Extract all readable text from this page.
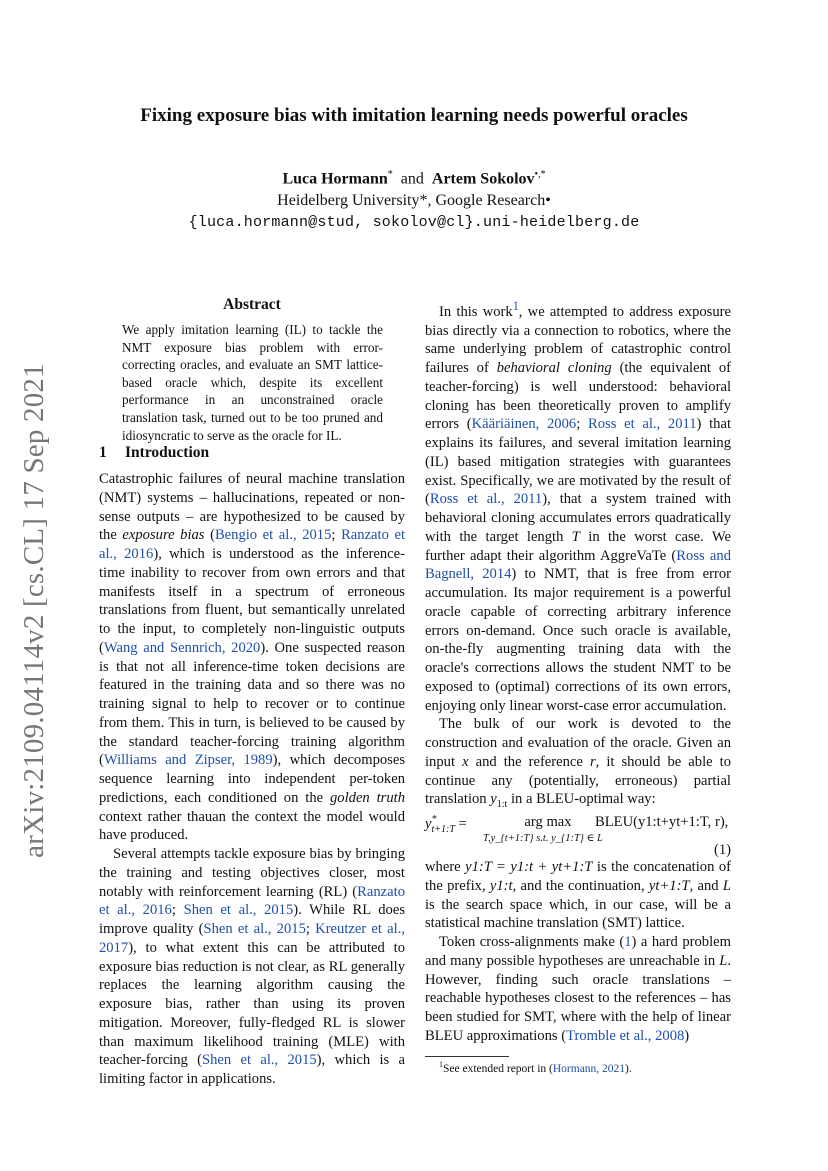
arXiv:2109.04114v2 [cs.CL] 17 Sep 2021
Fixing exposure bias with imitation learning needs powerful oracles
Luca Hormann* and Artem Sokolov•,*
Heidelberg University*, Google Research•
{luca.hormann@stud, sokolov@cl}.uni-heidelberg.de
Abstract
We apply imitation learning (IL) to tackle the NMT exposure bias problem with error-correcting oracles, and evaluate an SMT lattice-based oracle which, despite its excellent performance in an unconstrained oracle translation task, turned out to be too pruned and idiosyncratic to serve as the oracle for IL.
1 Introduction

Catastrophic failures of neural machine translation (NMT) systems – hallucinations, repeated or non-sense outputs – are hypothesized to be caused by the exposure bias (Bengio et al., 2015; Ranzato et al., 2016), which is understood as the inference-time inability to recover from own errors and that manifests itself in a spectrum of erroneous translations from fluent, but semantically unrelated to the input, to completely non-linguistic outputs (Wang and Sennrich, 2020). One suspected reason is that not all inference-time token decisions are featured in the training data and so there was no training signal to help to recover or to continue from them. This in turn, is believed to be caused by the standard teacher-forcing training algorithm (Williams and Zipser, 1989), which decomposes sequence learning into independent per-token predictions, each conditioned on the golden truth context rather thauan the context the model would have produced.

Several attempts tackle exposure bias by bringing the training and testing objectives closer, most notably with reinforcement learning (RL) (Ranzato et al., 2016; Shen et al., 2015). While RL does improve quality (Shen et al., 2015; Kreutzer et al., 2017), to what extent this can be attributed to exposure bias reduction is not clear, as RL generally replaces the learning algorithm causing the exposure bias, rather than using its proven mitigation. Moreover, fully-fledged RL is slower than maximum likelihood training (MLE) with teacher-forcing (Shen et al., 2015), which is a limiting factor in applications.

In this work$^1$, we attempted to address exposure bias directly via a connection to robotics, where the same underlying problem of catastrophic control failures of behavioral cloning (the equivalent of teacher-forcing) is well understood: behavioral cloning has been theoretically proven to amplify errors (Kääriäinen, 2006; Ross et al., 2011) that explains its failures, and several imitation learning (IL) based mitigation strategies with guarantees exist. Specifically, we are motivated by the result of (Ross et al., 2011), that a system trained with behavioral cloning accumulates errors quadratically with the target length T in the worst case. We further adapt their algorithm AggreVaTe (Ross and Bagnell, 2014) to NMT, that is free from error accumulation. Its major requirement is a powerful oracle capable of correcting arbitrary inference errors on-demand. Once such oracle is available, on-the-fly augmenting training data with the oracle's corrections allows the student NMT to be exposed to (optimal) corrections of its own errors, enjoying only linear worst-case error accumulation.

The bulk of our work is devoted to the construction and evaluation of the oracle. Given an input x and the reference r, it should be able to continue any (potentially, erroneous) partial translation $y_{1:t}$ in a BLEU-optimal way:

$y^*_{t+1:T}$ =	arg max
T,y_{t+1:T} s.t. y_{1:T} ∈ L
BLEU(y1:t+yt+1:T, r),
(1)

where y1:T = y1:t + yt+1:T is the concatenation of the prefix, y1:t, and the continuation, yt+1:T, and L is the search space which, in our case, will be a statistical machine translation (SMT) lattice.

Token cross-alignments make (1) a hard problem and many possible hypotheses are unreachable in L. However, finding such oracle translations – reachable hypotheses closest to the references – has been studied for SMT, where with the help of linear BLEU approximations (Tromble et al., 2008)

$^1$See extended report in (Hormann, 2021).
